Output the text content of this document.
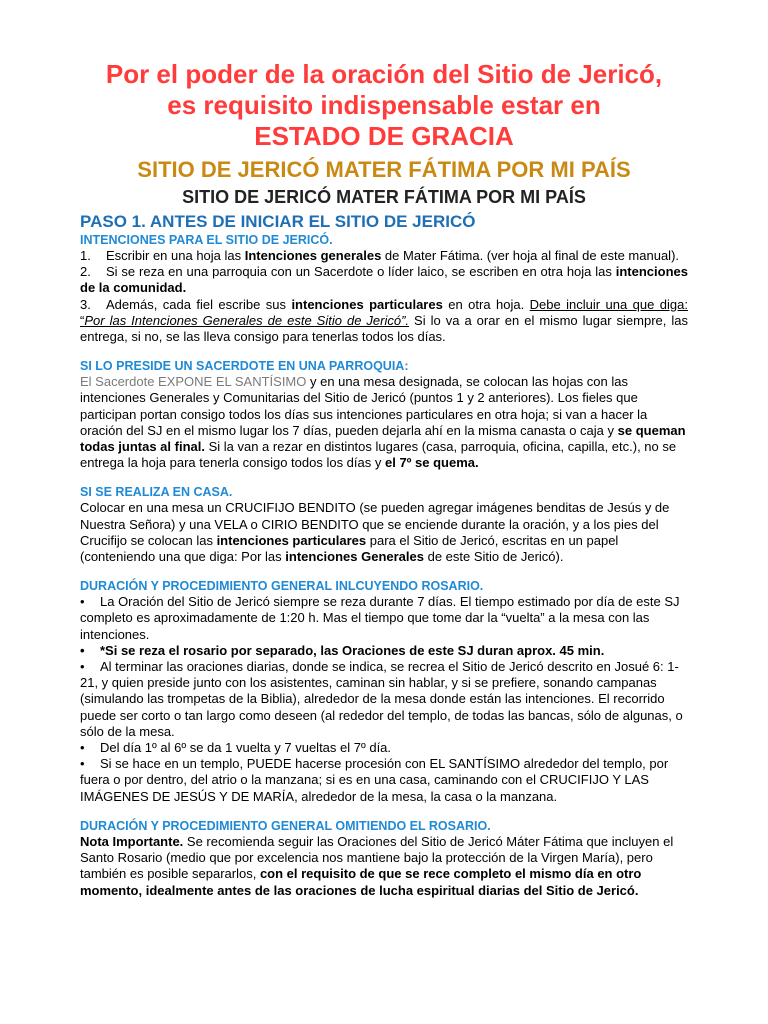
Por el poder de la oración del Sitio de Jericó,

es requisito indispensable estar en

ESTADO DE GRACIA

SITIO DE JERICÓ MATER FÁTIMA POR MI PAÍS

SITIO DE JERICÓ MATER FÁTIMA POR MI PAÍS

PASO 1. ANTES DE INICIAR EL SITIO DE JERICÓ

INTENCIONES PARA EL SITIO DE JERICÓ.

1. Escribir en una hoja las Intenciones generales de Mater Fátima. (ver hoja al final de este manual).

2. Si se reza en una parroquia con un Sacerdote o líder laico, se escriben en otra hoja las intenciones de la comunidad.

3. Además, cada fiel escribe sus intenciones particulares en otra hoja. Debe incluir una que diga: “Por las Intenciones Generales de este Sitio de Jericó”. Si lo va a orar en el mismo lugar siempre, las entrega, si no, se las lleva consigo para tenerlas todos los días.

SI LO PRESIDE UN SACERDOTE EN UNA PARROQUIA:

El Sacerdote EXPONE EL SANTÍSIMO y en una mesa designada, se colocan las hojas con las intenciones Generales y Comunitarias del Sitio de Jericó (puntos 1 y 2 anteriores). Los fieles que participan portan consigo todos los días sus intenciones particulares en otra hoja; si van a hacer la oración del SJ en el mismo lugar los 7 días, pueden dejarla ahí en la misma canasta o caja y se queman todas juntas al final. Si la van a rezar en distintos lugares (casa, parroquia, oficina, capilla, etc.), no se entrega la hoja para tenerla consigo todos los días y el 7º se quema.

SI SE REALIZA EN CASA.

Colocar en una mesa un CRUCIFIJO BENDITO (se pueden agregar imágenes benditas de Jesús y de Nuestra Señora) y una VELA o CIRIO BENDITO que se enciende durante la oración, y a los pies del Crucifijo se colocan las intenciones particulares para el Sitio de Jericó, escritas en un papel (conteniendo una que diga: Por las intenciones Generales de este Sitio de Jericó).

DURACIÓN Y PROCEDIMIENTO GENERAL INLCUYENDO ROSARIO.

• La Oración del Sitio de Jericó siempre se reza durante 7 días. El tiempo estimado por día de este SJ completo es aproximadamente de 1:20 h. Mas el tiempo que tome dar la “vuelta” a la mesa con las intenciones.

• *Si se reza el rosario por separado, las Oraciones de este SJ duran aprox. 45 min.

• Al terminar las oraciones diarias, donde se indica, se recrea el Sitio de Jericó descrito en Josué 6: 1-21, y quien preside junto con los asistentes, caminan sin hablar, y si se prefiere, sonando campanas (simulando las trompetas de la Biblia), alrededor de la mesa donde están las intenciones. El recorrido puede ser corto o tan largo como deseen (al rededor del templo, de todas las bancas, sólo de algunas, o sólo de la mesa.

• Del día 1º al 6º se da 1 vuelta y 7 vueltas el 7º día.

• Si se hace en un templo, PUEDE hacerse procesión con EL SANTÍSIMO alrededor del templo, por fuera o por dentro, del atrio o la manzana; si es en una casa, caminando con el CRUCIFIJO Y LAS IMÁGENES DE JESÚS Y DE MARÍA, alrededor de la mesa, la casa o la manzana.

DURACIÓN Y PROCEDIMIENTO GENERAL OMITIENDO EL ROSARIO.

Nota Importante. Se recomienda seguir las Oraciones del Sitio de Jericó Máter Fátima que incluyen el Santo Rosario (medio que por excelencia nos mantiene bajo la protección de la Virgen María), pero también es posible separarlos, con el requisito de que se rece completo el mismo día en otro momento, idealmente antes de las oraciones de lucha espiritual diarias del Sitio de Jericó.
